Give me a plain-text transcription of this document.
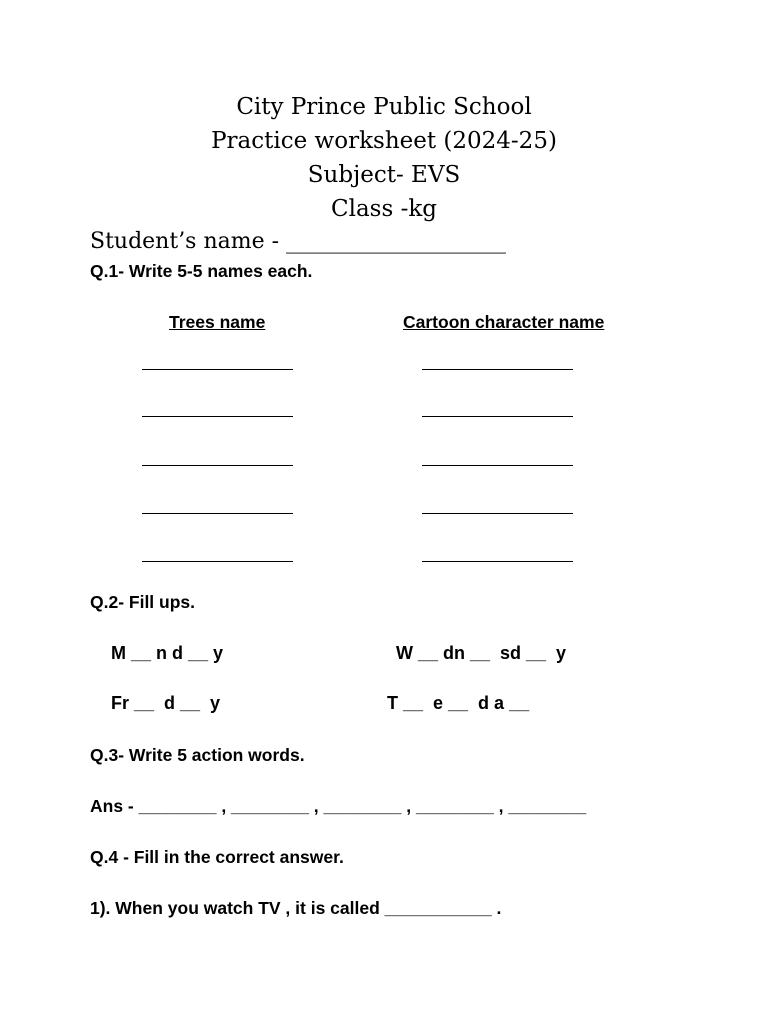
City Prince Public School
Practice worksheet (2024-25)
Subject- EVS
Class -kg
Student’s name - ____________________
Q.1- Write 5-5 names each.
Trees name	Cartoon character name
Q.2- Fill ups.
M __ n d __ y	W __ dn __  sd __  y
Fr __  d __  y	T __  e __  d a __
Q.3- Write 5 action words.
Ans - ________ , ________ , ________ , ________ , ________
Q.4 - Fill in the correct answer.
1). When you watch TV , it is called ___________ .
